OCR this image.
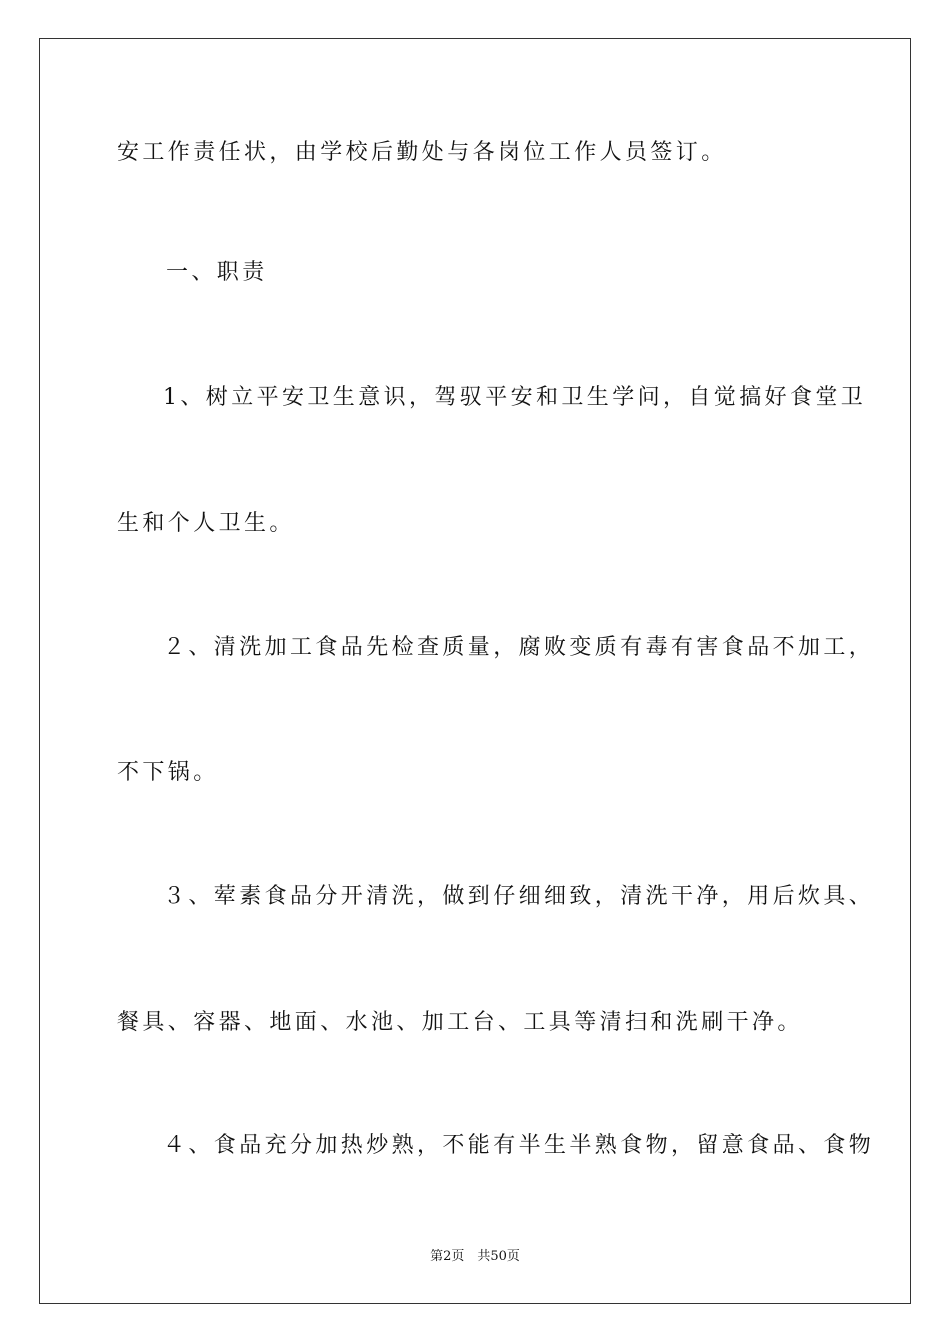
安工作责任状，由学校后勤处与各岗位工作人员签订。

一、职责

1、树立平安卫生意识，驾驭平安和卫生学问，自觉搞好食堂卫

生和个人卫生。

２、清洗加工食品先检查质量，腐败变质有毒有害食品不加工，

不下锅。

３、荤素食品分开清洗，做到仔细细致，清洗干净，用后炊具、

餐具、容器、地面、水池、加工台、工具等清扫和洗刷干净。

４、食品充分加热炒熟，不能有半生半熟食物，留意食品、食物

第2页　共50页
